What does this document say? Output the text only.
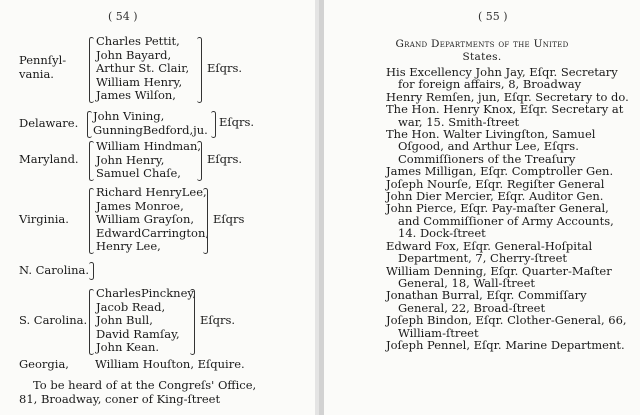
( 54 )
Pennſyl-
vania.
Charles Pettit,
John Bayard,
Arthur St. Clair,
William Henry,
James Wilſon,
Eſqrs.
Delaware. John Vining,
GunningBedford,ju.
Eſqrs.
Maryland.
William Hindman,
John Henry,
Samuel Chaſe,
Eſqrs.
Virginia.
Richard HenryLee,
James Monroe,
William Grayſon,
EdwardCarrington,
Henry Lee,
Eſqrs
N. Carolina.
S. Carolina.
CharlesPinckney,
Jacob Read,
John Bull,
David Ramſay,
John Kean.
Eſqrs.
Georgia, William Houſton, Eſquire.
To be heard of at the Congreſs' Office,
81, Broadway, coner of King-ſtreet
( 55 )
Grand Departments of the United
States.
His Excellency John Jay, Eſqr. Secretary for foreign affairs, 8, Broadway
Henry Remſen, jun, Eſqr. Secretary to do.
The Hon. Henry Knox, Eſqr. Secretary at war, 15. Smith-ſtreet
The Hon. Walter Livingſton, Samuel Oſgood, and Arthur Lee, Eſqrs. Commiſſioners of the Treaſury
James Milligan, Eſqr. Comptroller Gen.
Joſeph Nourſe, Eſqr. Regiſter General
John Dier Mercier, Eſqr. Auditor Gen.
John Pierce, Eſqr. Pay-maſter General, and Commiſſioner of Army Accounts, 14. Dock-ſtreet
Edward Fox, Eſqr. General-Hoſpital Department, 7, Cherry-ſtreet
William Denning, Eſqr. Quarter-Maſter General, 18, Wall-ſtreet
Jonathan Burral, Eſqr. Commiſſary General, 22, Broad-ſtreet
Joſeph Bindon, Eſqr. Clother-General, 66, William-ſtreet
Joſeph Pennel, Eſqr. Marine Department.
